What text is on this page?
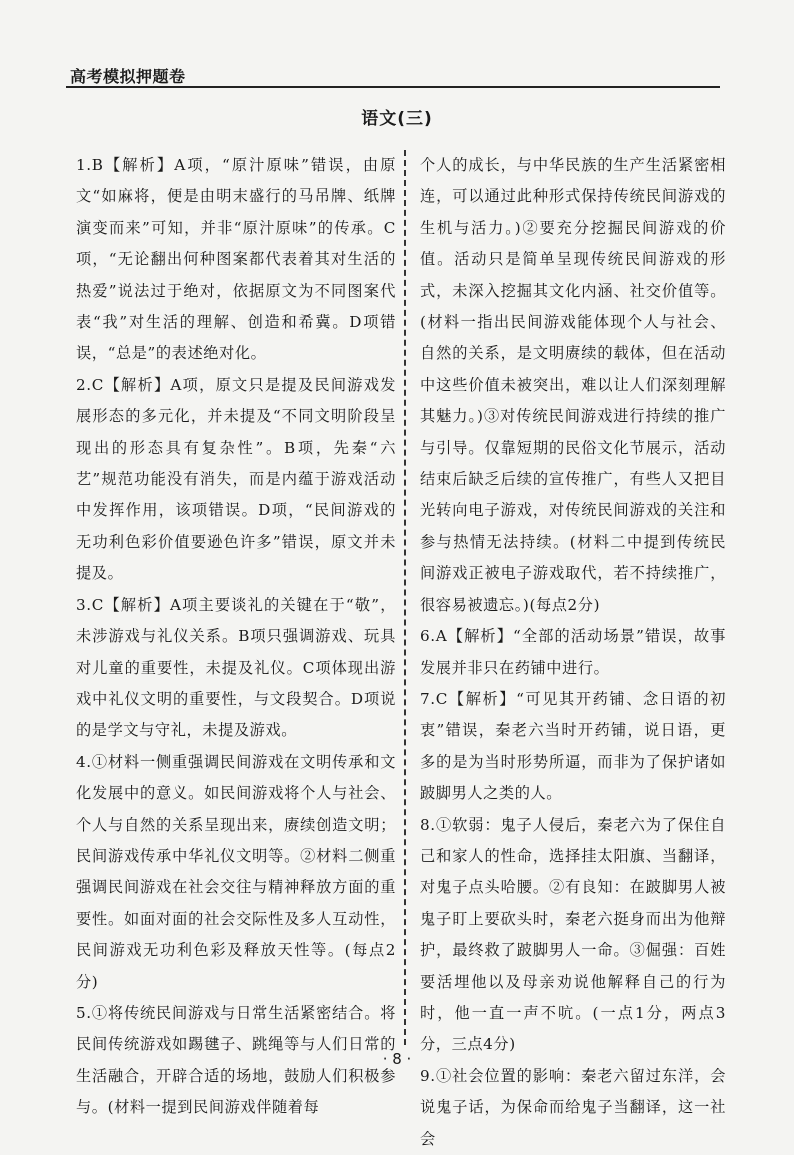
高考模拟押题卷
语文(三)
1.B【解析】A项，“原汁原味”错误，由原文“如麻将，便是由明末盛行的马吊牌、纸牌演变而来”可知，并非“原汁原味”的传承。C项，“无论翻出何种图案都代表着其对生活的热爱”说法过于绝对，依据原文为不同图案代表“我”对生活的理解、创造和希冀。D项错误，“总是”的表述绝对化。
2.C【解析】A项，原文只是提及民间游戏发展形态的多元化，并未提及“不同文明阶段呈现出的形态具有复杂性”。B项，先秦“六艺”规范功能没有消失，而是内蕴于游戏活动中发挥作用，该项错误。D项，“民间游戏的无功利色彩价值要逊色许多”错误，原文并未提及。
3.C【解析】A项主要谈礼的关键在于“敬”，未涉游戏与礼仪关系。B项只强调游戏、玩具对儿童的重要性，未提及礼仪。C项体现出游戏中礼仪文明的重要性，与文段契合。D项说的是学文与守礼，未提及游戏。
4.①材料一侧重强调民间游戏在文明传承和文化发展中的意义。如民间游戏将个人与社会、个人与自然的关系呈现出来，赓续创造文明；民间游戏传承中华礼仪文明等。②材料二侧重强调民间游戏在社会交往与精神释放方面的重要性。如面对面的社会交际性及多人互动性，民间游戏无功利色彩及释放天性等。(每点2分)
5.①将传统民间游戏与日常生活紧密结合。将民间传统游戏如踢毽子、跳绳等与人们日常的生活融合，开辟合适的场地，鼓励人们积极参与。(材料一提到民间游戏伴随着每
个人的成长，与中华民族的生产生活紧密相连，可以通过此种形式保持传统民间游戏的生机与活力。)②要充分挖掘民间游戏的价值。活动只是简单呈现传统民间游戏的形式，未深入挖掘其文化内涵、社交价值等。(材料一指出民间游戏能体现个人与社会、自然的关系，是文明赓续的载体，但在活动中这些价值未被突出，难以让人们深刻理解其魅力。)③对传统民间游戏进行持续的推广与引导。仅靠短期的民俗文化节展示，活动结束后缺乏后续的宣传推广，有些人又把目光转向电子游戏，对传统民间游戏的关注和参与热情无法持续。(材料二中提到传统民间游戏正被电子游戏取代，若不持续推广，很容易被遗忘。)(每点2分)
6.A【解析】“全部的活动场景”错误，故事发展并非只在药铺中进行。
7.C【解析】“可见其开药铺、念日语的初衷”错误，秦老六当时开药铺，说日语，更多的是为当时形势所逼，而非为了保护诸如跛脚男人之类的人。
8.①软弱：鬼子人侵后，秦老六为了保住自己和家人的性命，选择挂太阳旗、当翻译，对鬼子点头哈腰。②有良知：在跛脚男人被鬼子盯上要砍头时，秦老六挺身而出为他辩护，最终救了跛脚男人一命。③倔强：百姓要活埋他以及母亲劝说他解释自己的行为时，他一直一声不吭。(一点1分，两点3分，三点4分)
9.①社会位置的影响：秦老六留过东洋，会说鬼子话，为保命而给鬼子当翻译，这一社会
· 8 ·
